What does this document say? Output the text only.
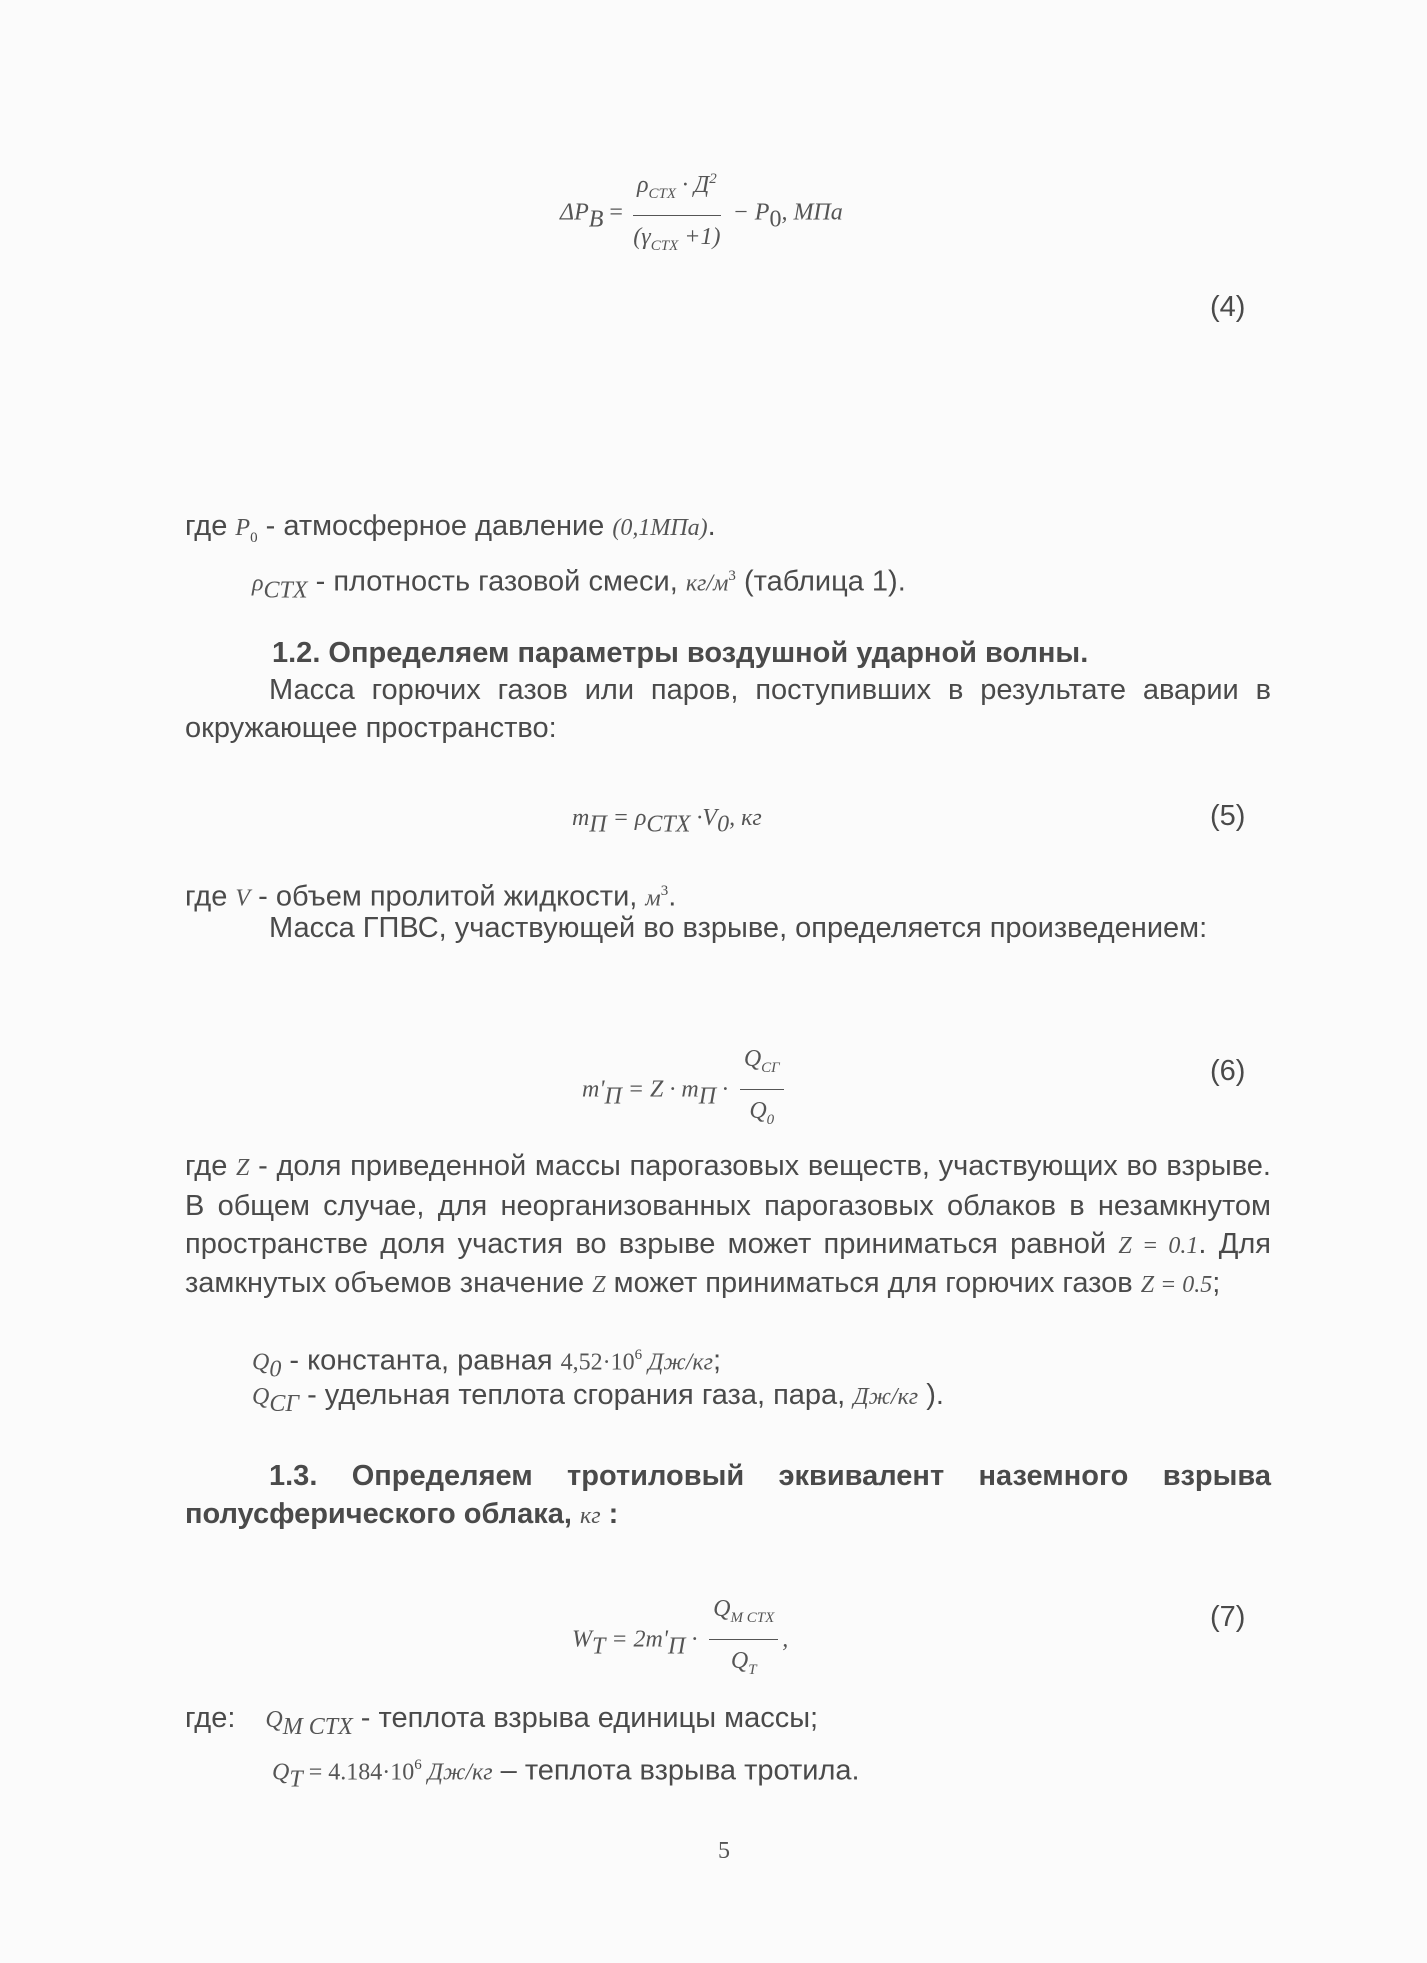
$\Delta P_В = \frac{\rho_{СТХ} \cdot Д^2}{(\gamma_{СТХ} +1)} - P_0$, МПа
(4)
где $P_0$ - атмосферное давление (0,1МПа).
$\rho_{СТХ}$ - плотность газовой смеси, $кг/м^3$ (таблица 1).
1.2. Определяем параметры воздушной ударной волны.
Масса горючих газов или паров, поступивших в результате аварии в окружающее пространство:
$m_П = \rho_{СТХ} \cdot V_0$, кг	(5)
где V - объем пролитой жидкости, $м^3$.
Масса ГПВС, участвующей во взрыве, определяется произведением:
$m'_П = Z \cdot m_П \cdot \frac{Q_{СГ}}{Q_0}$	(6)
где Z - доля приведенной массы парогазовых веществ, участвующих во взрыве. В общем случае, для неорганизованных парогазовых облаков в незамкнутом пространстве доля участия во взрыве может приниматься равной Z = 0.1. Для замкнутых объемов значение Z может приниматься для горючих газов Z = 0.5;
$Q_0$ - константа, равная $4,52\cdot 10^6$ Дж/кг;
$Q_{СГ}$ - удельная теплота сгорания газа, пара, Дж/кг ).
1.3. Определяем тротиловый эквивалент наземного взрыва полусферического облака, кг :
$W_Т = 2m'_П \cdot \frac{Q_{M СТХ}}{Q_Т}$ ,
(7)
где: $Q_{M СТХ}$ - теплота взрыва единицы массы;
$Q_Т = 4.184\cdot 10^6$ Дж/кг – теплота взрыва тротила.
5
